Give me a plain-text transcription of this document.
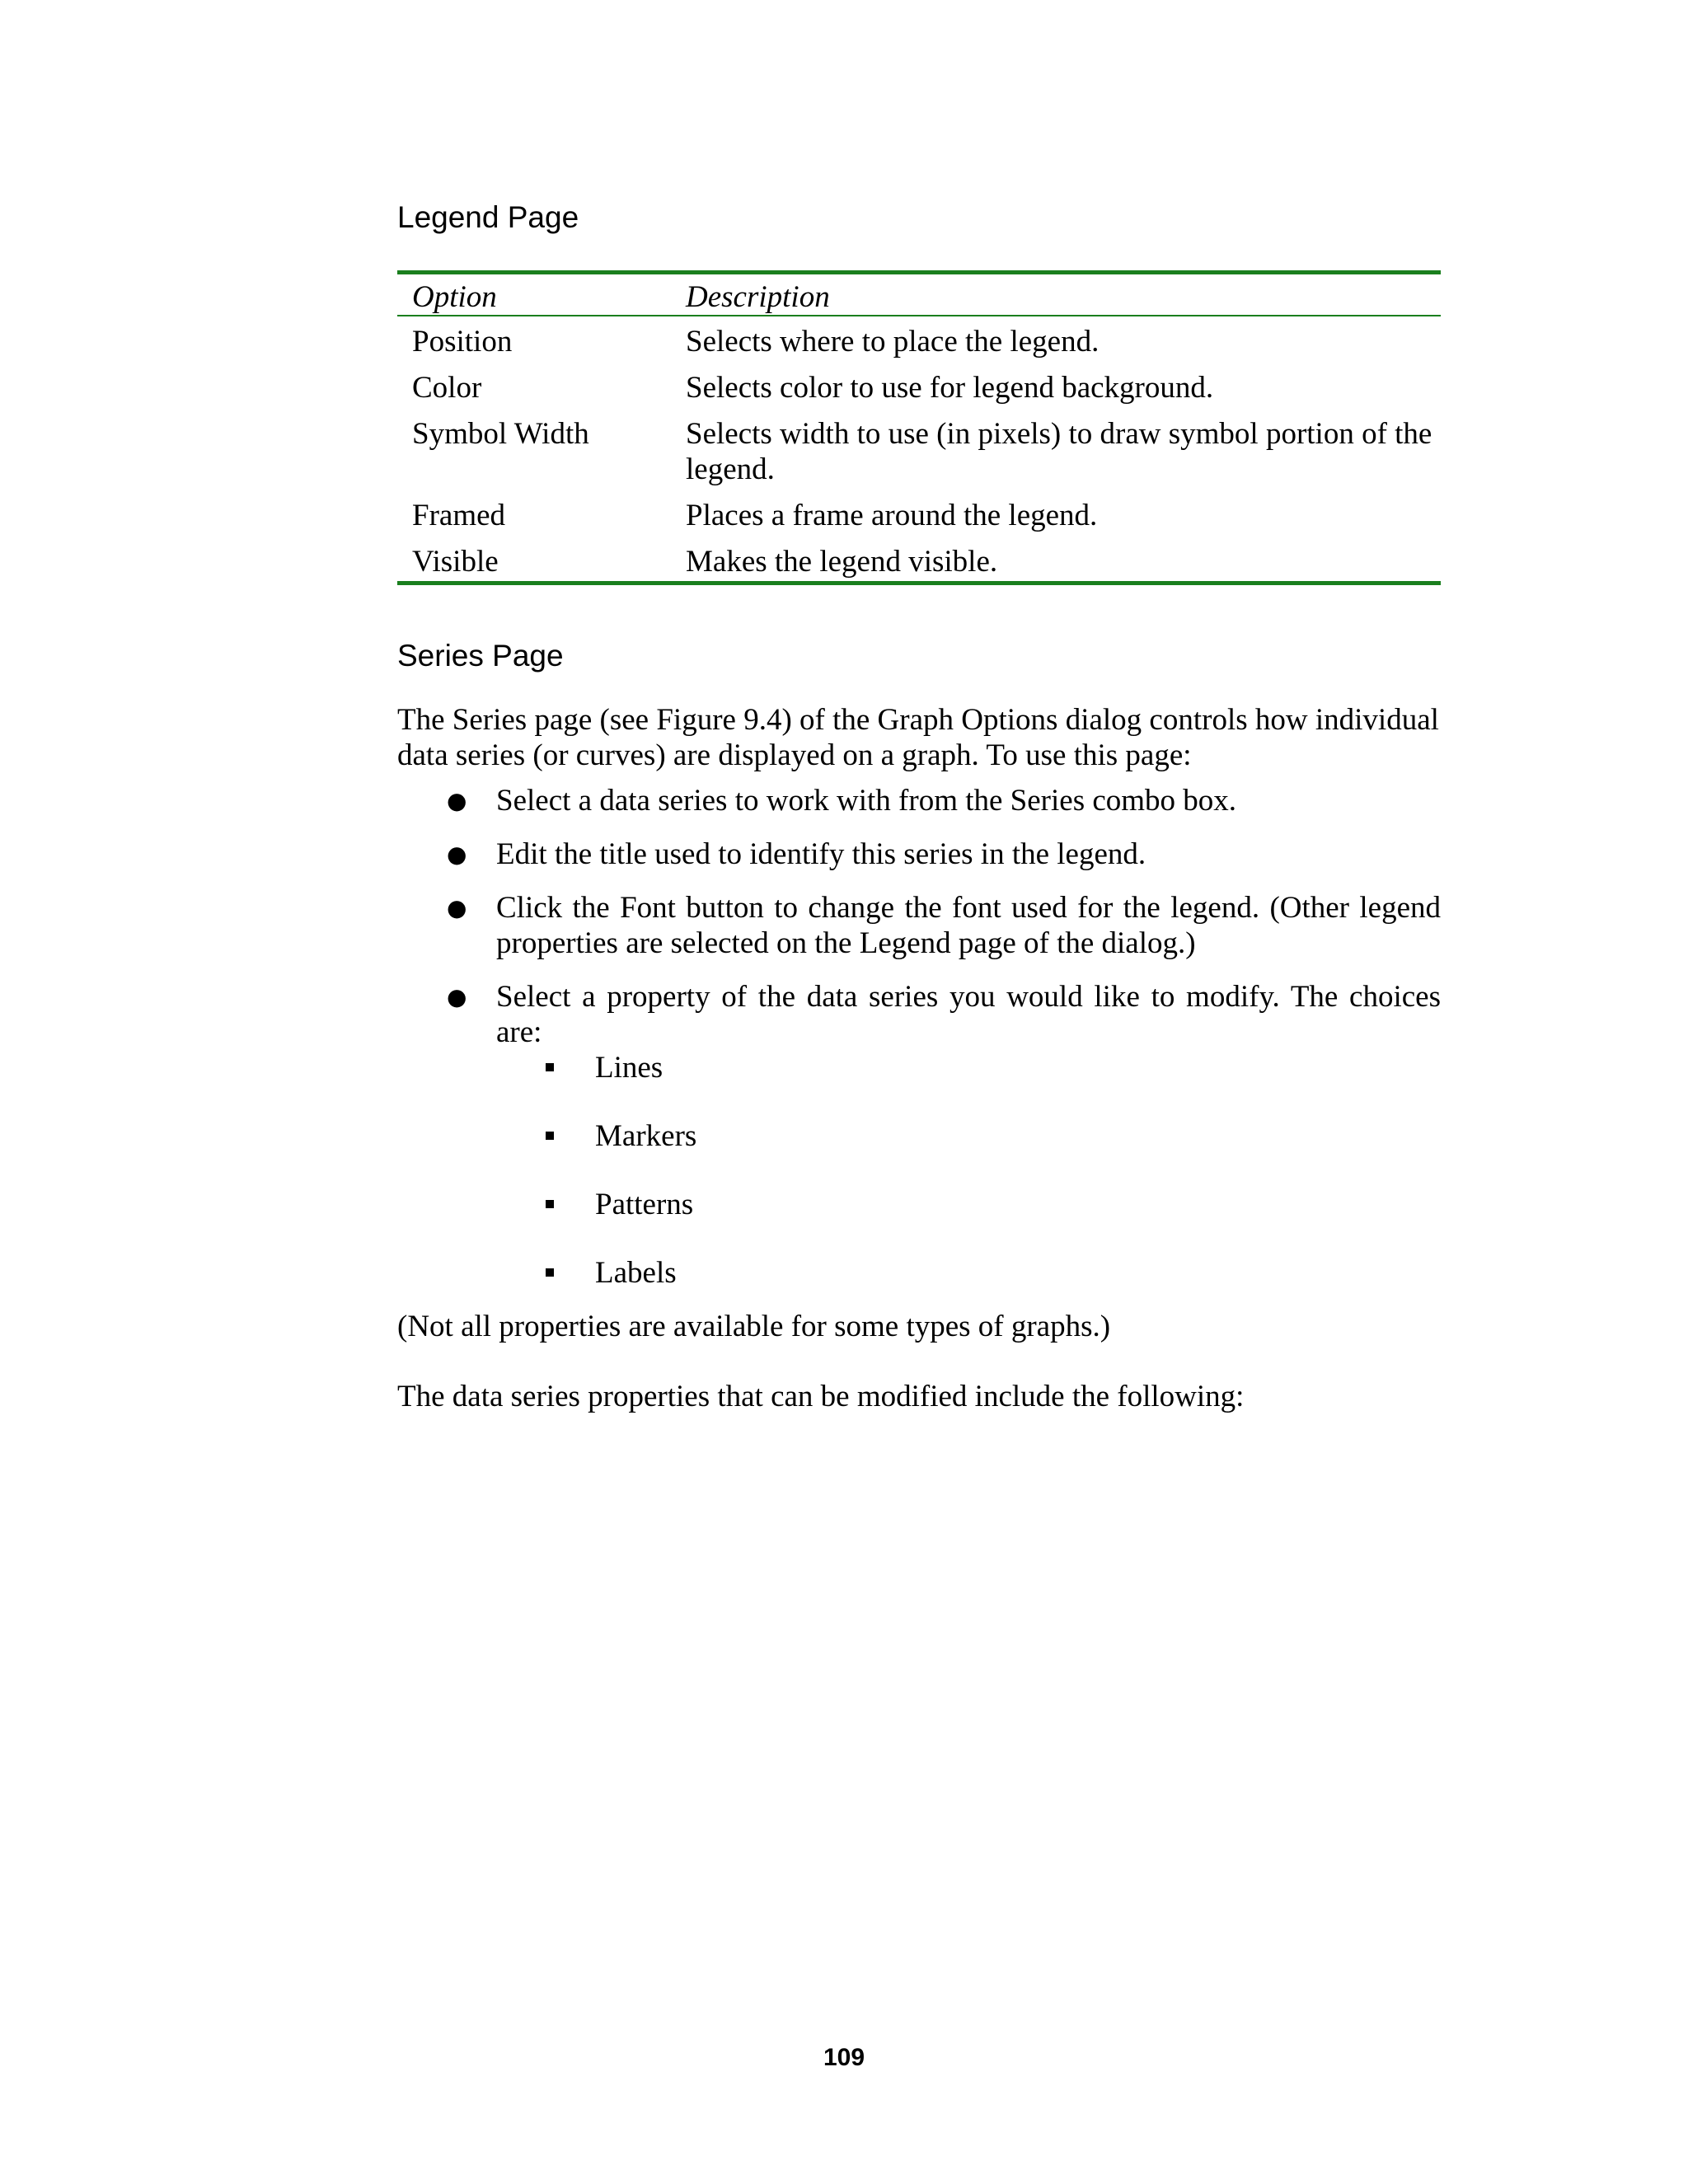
Legend Page
Option	Description
Position	Selects where to place the legend.
Color	Selects color to use for legend background.
Symbol Width	Selects width to use (in pixels) to draw symbol portion of the legend.
Framed	Places a frame around the legend.
Visible	Makes the legend visible.
Series Page

The Series page (see Figure 9.4) of the Graph Options dialog controls how individual data series (or curves) are displayed on a graph. To use this page:

● Select a data series to work with from the Series combo box.
● Edit the title used to identify this series in the legend.
● Click the Font button to change the font used for the legend. (Other legend properties are selected on the Legend page of the dialog.)
● Select a property of the data series you would like to modify. The choices are:
Lines
Markers
Patterns
Labels

(Not all properties are available for some types of graphs.)

The data series properties that can be modified include the following:

109
